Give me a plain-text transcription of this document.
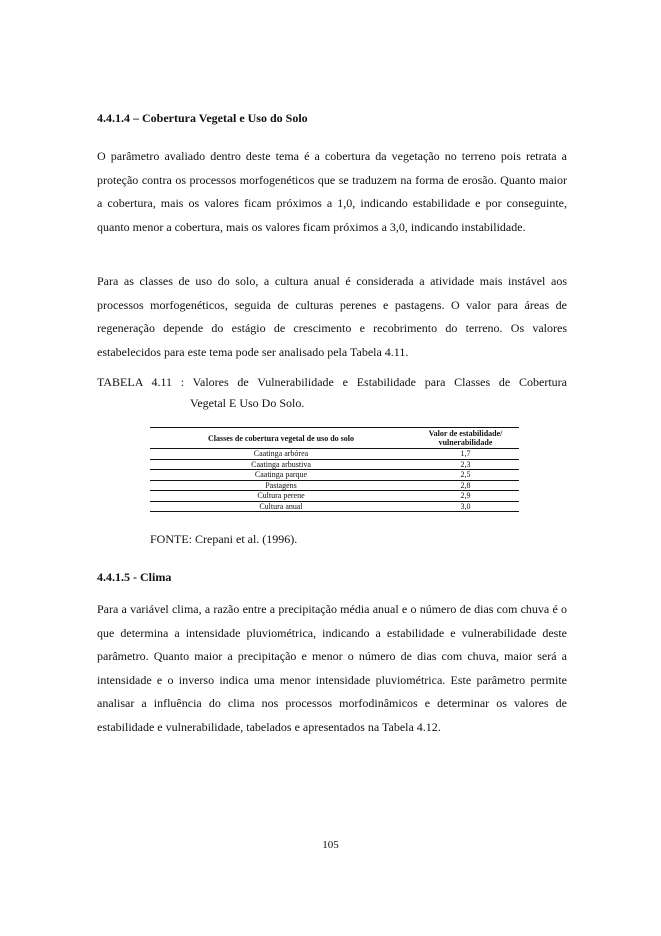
4.4.1.4 – Cobertura Vegetal e Uso do Solo

O parâmetro avaliado dentro deste tema é a cobertura da vegetação no terreno pois retrata a proteção contra os processos morfogenéticos que se traduzem na forma de erosão. Quanto maior a cobertura, mais os valores ficam próximos a 1,0, indicando estabilidade e por conseguinte, quanto menor a cobertura, mais os valores ficam próximos a 3,0, indicando instabilidade.

Para as classes de uso do solo, a cultura anual é considerada a atividade mais instável aos processos morfogenéticos, seguida de culturas perenes e pastagens. O valor para áreas de regeneração depende do estágio de crescimento e recobrimento do terreno. Os valores estabelecidos para este tema pode ser analisado pela Tabela 4.11.

TABELA 4.11 : Valores de Vulnerabilidade e Estabilidade para Classes de Cobertura
Vegetal E Uso Do Solo.
Classes de cobertura vegetal de uso do solo	Valor de estabilidade/ vulnerabilidade
Caatinga arbórea	1,7
Caatinga arbustiva	2,3
Caatinga parque	2,5
Pastagens	2,8
Cultura perene	2,9
Cultura anual	3,0
FONTE: Crepani et al. (1996).
4.4.1.5 - Clima

Para a variável clima, a razão entre a precipitação média anual e o número de dias com chuva é o que determina a intensidade pluviométrica, indicando a estabilidade e vulnerabilidade deste parâmetro. Quanto maior a precipitação e menor o número de dias com chuva, maior será a intensidade e o inverso indica uma menor intensidade pluviométrica. Este parâmetro permite analisar a influência do clima nos processos morfodinâmicos e determinar os valores de estabilidade e vulnerabilidade, tabelados e apresentados na Tabela 4.12.

105
